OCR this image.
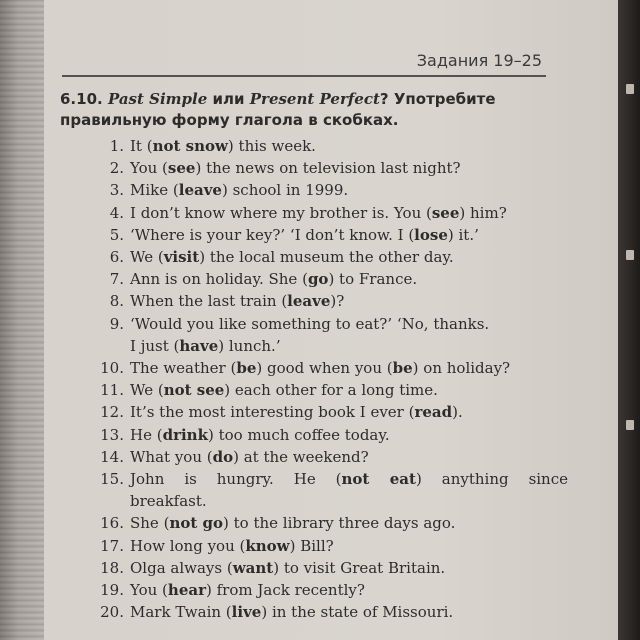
Задания 19–25
6.10. Past Simple или Present Perfect? Употребите
правильную форму глагола в скобках.
1. It (not snow) this week.
2. You (see) the news on television last night?
3. Mike (leave) school in 1999.
4. I don’t know where my brother is. You (see) him?
5. ‘Where is your key?’ ‘I don’t know. I (lose) it.’
6. We (visit) the local museum the other day.
7. Ann is on holiday. She (go) to France.
8. When the last train (leave)?
9. ‘Would you like something to eat?’ ‘No, thanks.
I just (have) lunch.’
10. The weather (be) good when you (be) on holiday?
11. We (not see) each other for a long time.
12. It’s the most interesting book I ever (read).
13. He (drink) too much coffee today.
14. What you (do) at the weekend?
15. John is hungry. He (not eat) anything since
breakfast.
16. She (not go) to the library three days ago.
17. How long you (know) Bill?
18. Olga always (want) to visit Great Britain.
19. You (hear) from Jack recently?
20. Mark Twain (live) in the state of Missouri.
